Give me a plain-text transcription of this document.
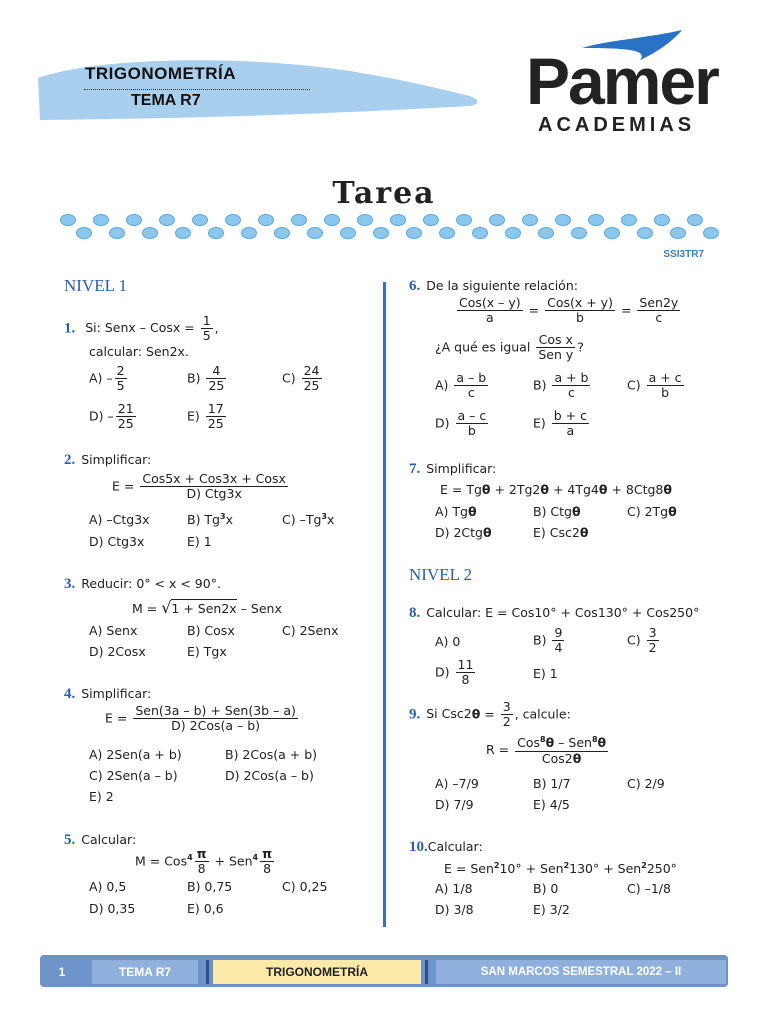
TRIGONOMETRÍA
TEMA R7	Pamer
ACADEMIAS
Tarea
SSI3TR7
NIVEL 1
1. Si: Senx – Cosx = $\frac{1}{5}$ ,
calcular: Sen2x.
$A) - \frac{2}{5}$	$B) \frac{4}{25}$	$C) \frac{24}{25}$
$D) - \frac{21}{25}$	$E) \frac{17}{25}$
2. Simplificar:
$E = \frac{\text{Cos5x + Cos3x + Cosx}}{\text{D) Ctg3x}}$
A) –Ctg3x	B) Tg$^3$x	C) –Tg$^3$x
D) Ctg3x	E) 1
3. Reducir: 0° < x < 90°.
M = √1 + Sen2x – Senx
A) Senx	B) Cosx	C) 2Senx
D) 2Cosx	E) Tgx
4. Simplificar:
$E = \frac{\text{Sen(3a – b) + Sen(3b – a)}}{\text{D) 2Cos(a – b)}}$
A) 2Sen(a + b)	B) 2Cos(a + b)
C) 2Sen(a – b)	D) 2Cos(a – b)
E) 2
5. Calcular:
$M = Cos^4 \frac{\pi}{8} + Sen^4 \frac{\pi}{8}$
A) 0,5	B) 0,75	C) 0,25
D) 0,35	E) 0,6
6. De la siguiente relación:
$\frac{\text{Cos(x – y)}}{a} = \frac{\text{Cos(x + y)}}{b} = \frac{\text{Sen2y}}{c}$
¿A qué es igual $\frac{\text{Cos x}}{\text{Sen y}}$ ?
$A) \frac{a - b}{c}$	$B) \frac{a + b}{c}$	$C) \frac{a + c}{b}$
$D) \frac{a - c}{b}$	$E) \frac{b + c}{a}$
7. Simplificar:
E = Tgθ + 2Tg2θ + 4Tg4θ + 8Ctg8θ
A) Tgθ	B) Ctgθ	C) 2Tgθ
D) 2Ctgθ	E) Csc2θ
NIVEL 2
8. Calcular: E = Cos10° + Cos130° + Cos250°
A) 0	$B) \frac{9}{4}$	$C) \frac{3}{2}$
$D) \frac{11}{8}$	E) 1
9. Si $Csc2\theta = \frac{3}{2}$ , calcule:
$R = \frac{Cos^8\theta - Sen^8\theta}{\text{Cos2θ}}$
A) –7/9	B) 1/7	C) 2/9
D) 7/9	E) 4/5
10.Calcular:
E = Sen$^2$10° + Sen$^2$130° + Sen$^2$250°
A) 1/8	B) 0	C) –1/8
D) 3/8	E) 3/2
1	TEMA R7	TRIGONOMETRÍA	SAN MARCOS SEMESTRAL 2022 – II
